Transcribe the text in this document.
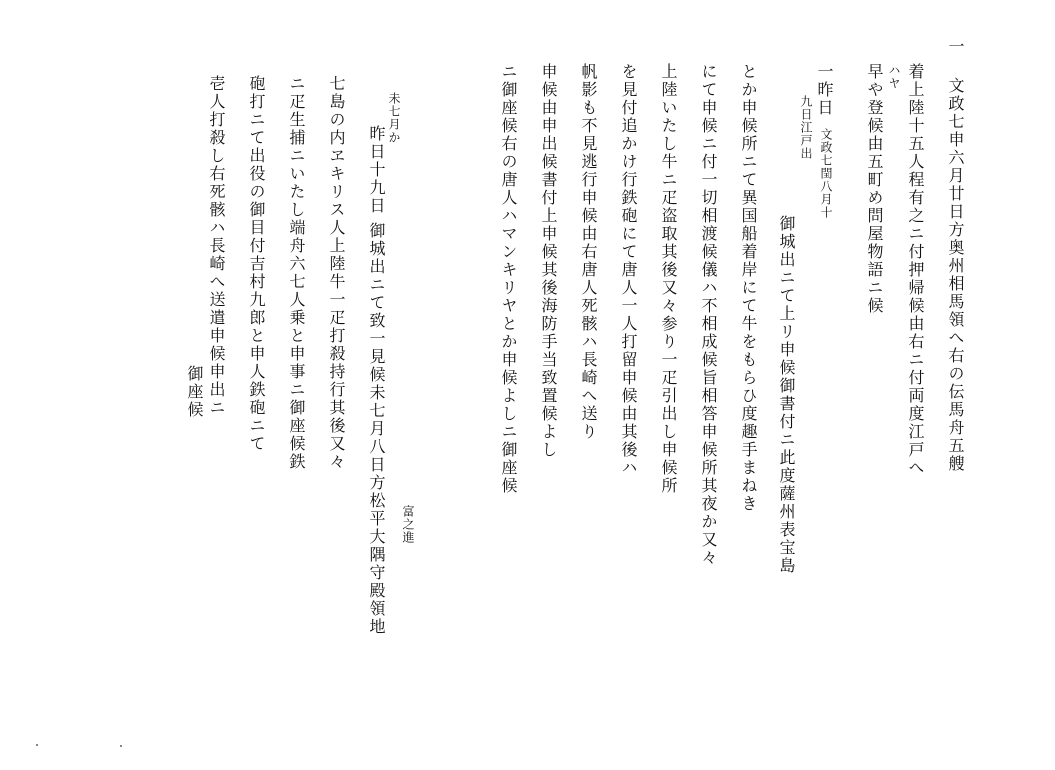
一 文政七申六月廿日方奥州相馬領へ右の伝馬舟五艘
着上陸十五人程有之ニ付押帰候由右ニ付両度江戸へ
ハヤ
早や登候由五町め問屋物語ニ候
一昨日
文政七閏八月十
九日江戸出
御城出ニて上リ申候御書付ニ此度薩州表宝島
とか申候所ニて異国船着岸にて牛をもらひ度趣手まねき
にて申候ニ付一切相渡候儀ハ不相成候旨相答申候所其夜か又々
上陸いたし牛ニ疋盗取其後又々参り一疋引出し申候所
を見付追かけ行鉄砲にて唐人一人打留申候由其後ハ
帆影も不見逃行申候由右唐人死骸ハ長崎へ送り
申候由申出候書付上申候其後海防手当致置候よし
ニ御座候右の唐人ハマンキリヤとか申候よしニ御座候
富之進
未七月か
昨日十九日
御城出ニて致一見候未七月八日方松平大隅守殿領地
七島の内ヱキリス人上陸牛一疋打殺持行其後又々
ニ疋生捕ニいたし端舟六七人乗と申事ニ御座候鉄
砲打ニて出役の御目付吉村九郎と申人鉄砲ニて
壱人打殺し右死骸ハ長崎へ送遣申候申出ニ
御座候
